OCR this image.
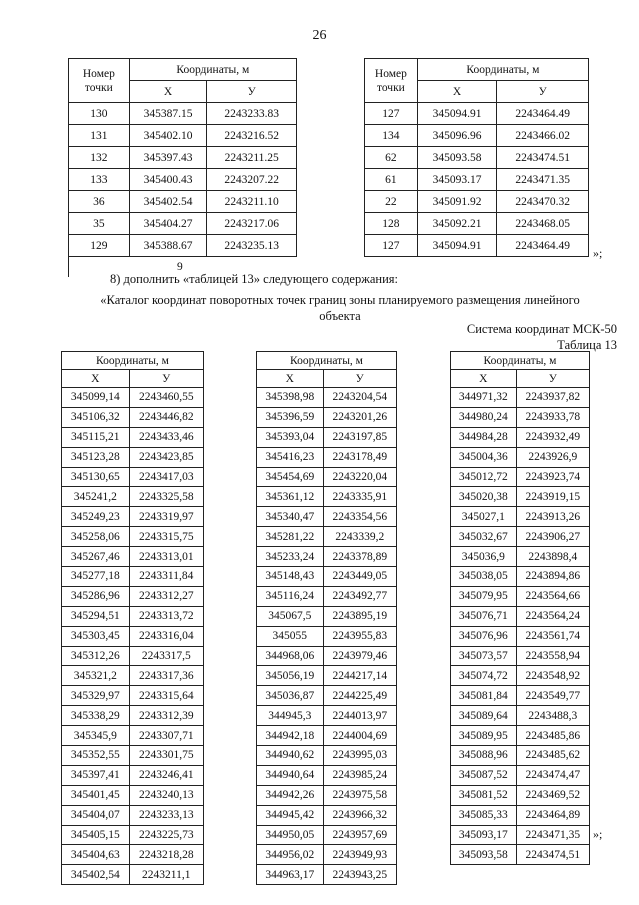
26
Номер
точки	Координаты, м	
	X	У
130	345387.15	2243233.83
131	345402.10	2243216.52
132	345397.43	2243211.25
133	345400.43	2243207.22
36	345402.54	2243211.10
35	345404.27	2243217.06
129	345388.67	2243235.13
9		
Номер
точки	Координаты, м	
	X	У
127	345094.91	2243464.49
134	345096.96	2243466.02
62	345093.58	2243474.51
61	345093.17	2243471.35
22	345091.92	2243470.32
128	345092.21	2243468.05
127	345094.91	2243464.49
»;
8) дополнить «таблицей 13» следующего содержания:
«Каталог координат поворотных точек границ зоны планируемого размещения линейного
объекта
Система координат МСК-50
Таблица 13
Координаты, м	
X	У
345099,14	2243460,55
345106,32	2243446,82
345115,21	2243433,46
345123,28	2243423,85
345130,65	2243417,03
345241,2	2243325,58
345249,23	2243319,97
345258,06	2243315,75
345267,46	2243313,01
345277,18	2243311,84
345286,96	2243312,27
345294,51	2243313,72
345303,45	2243316,04
345312,26	2243317,5
345321,2	2243317,36
345329,97	2243315,64
345338,29	2243312,39
345345,9	2243307,71
345352,55	2243301,75
345397,41	2243246,41
345401,45	2243240,13
345404,07	2243233,13
345405,15	2243225,73
345404,63	2243218,28
345402,54	2243211,1
Координаты, м	
X	У
345398,98	2243204,54
345396,59	2243201,26
345393,04	2243197,85
345416,23	2243178,49
345454,69	2243220,04
345361,12	2243335,91
345340,47	2243354,56
345281,22	2243339,2
345233,24	2243378,89
345148,43	2243449,05
345116,24	2243492,77
345067,5	2243895,19
345055	2243955,83
344968,06	2243979,46
345056,19	2244217,14
345036,87	2244225,49
344945,3	2244013,97
344942,18	2244004,69
344940,62	2243995,03
344940,64	2243985,24
344942,26	2243975,58
344945,42	2243966,32
344950,05	2243957,69
344956,02	2243949,93
344963,17	2243943,25
Координаты, м	
X	У
344971,32	2243937,82
344980,24	2243933,78
344984,28	2243932,49
345004,36	2243926,9
345012,72	2243923,74
345020,38	2243919,15
345027,1	2243913,26
345032,67	2243906,27
345036,9	2243898,4
345038,05	2243894,86
345079,95	2243564,66
345076,71	2243564,24
345076,96	2243561,74
345073,57	2243558,94
345074,72	2243548,92
345081,84	2243549,77
345089,64	2243488,3
345089,95	2243485,86
345088,96	2243485,62
345087,52	2243474,47
345081,52	2243469,52
345085,33	2243464,89
345093,17	2243471,35
345093,58	2243474,51
»;
